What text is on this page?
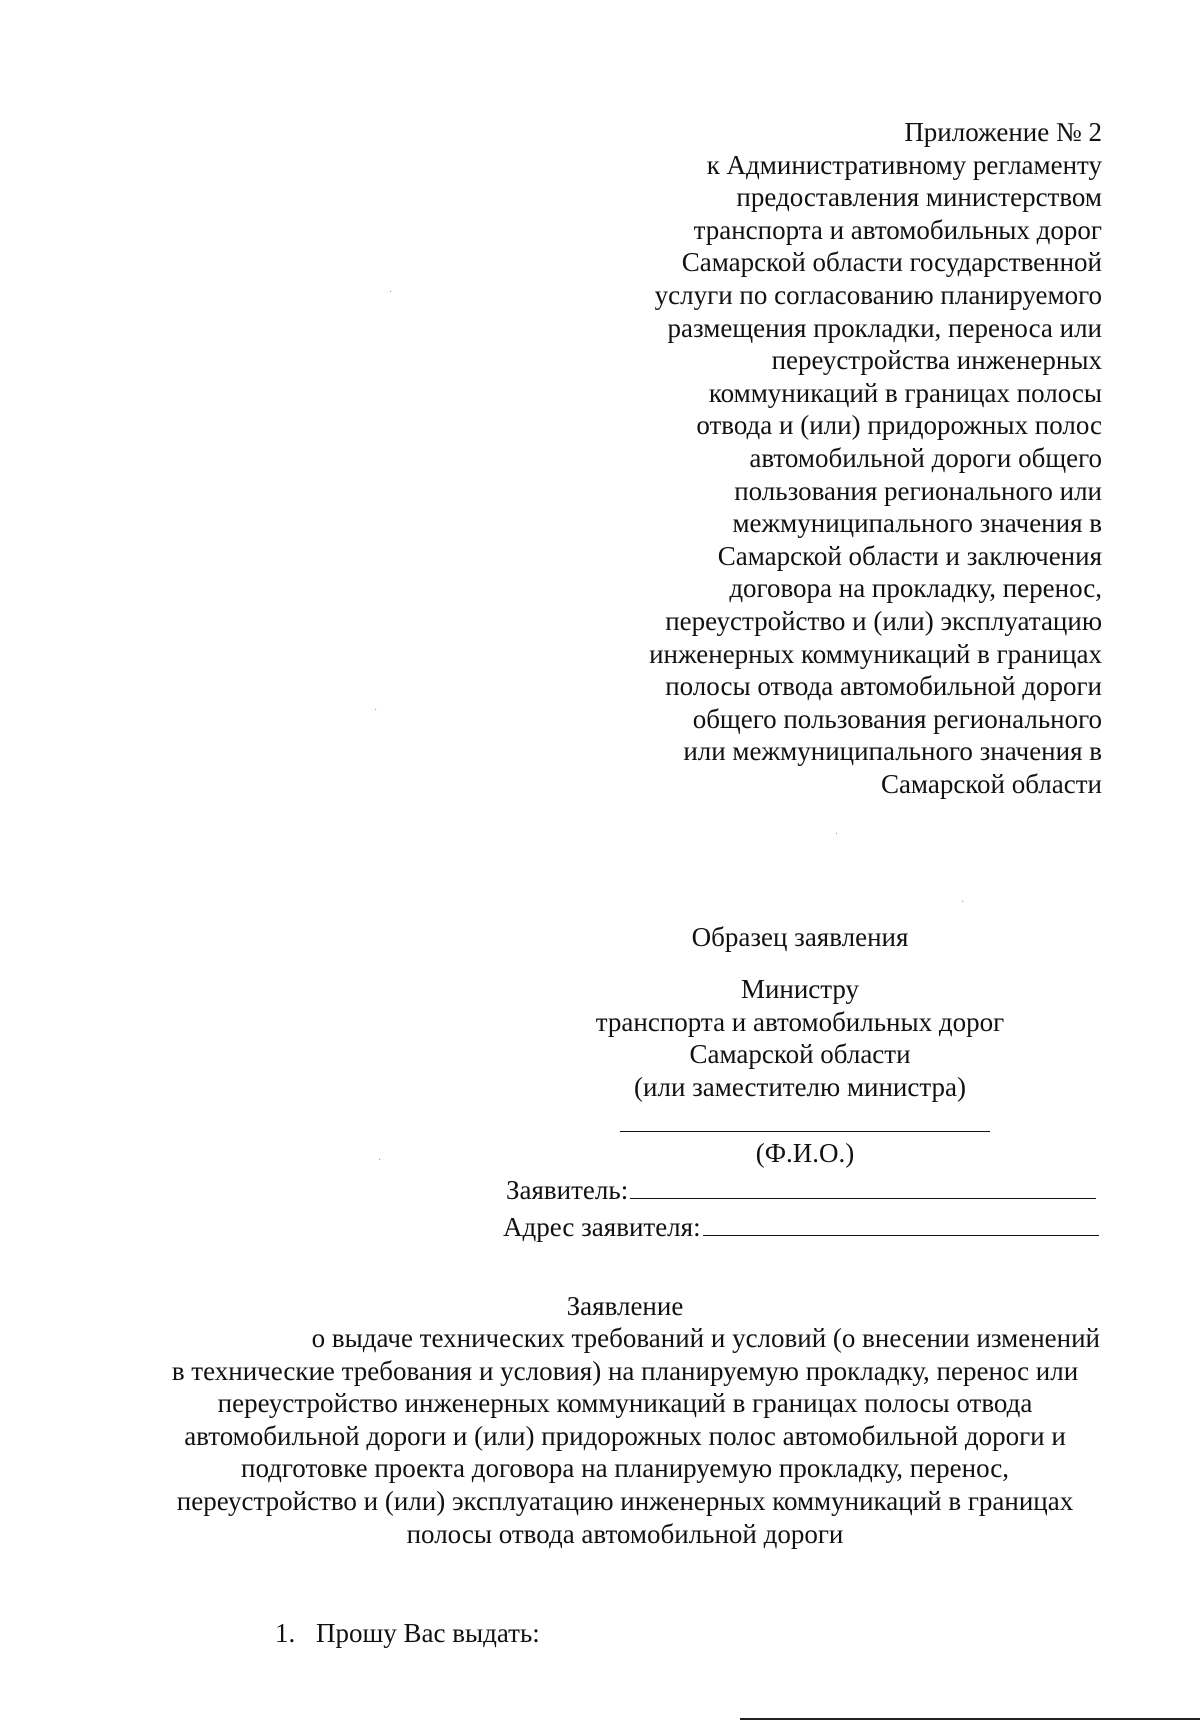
Приложение № 2
к Административному регламенту
предоставления министерством
транспорта и автомобильных дорог
Самарской области государственной
услуги по согласованию планируемого
размещения прокладки, переноса или
переустройства инженерных
коммуникаций в границах полосы
отвода и (или) придорожных полос
автомобильной дороги общего
пользования регионального или
межмуниципального значения в
Самарской области и заключения
договора на прокладку, перенос,
переустройство и (или) эксплуатацию
инженерных коммуникаций в границах
полосы отвода автомобильной дороги
общего пользования регионального
или межмуниципального значения в
Самарской области
Образец заявления
Министру
транспорта и автомобильных дорог
Самарской области
(или заместителю министра)
(Ф.И.О.)
Заявитель:
Адрес заявителя:
Заявление
о выдаче технических требований и условий (о внесении изменений
в технические требования и условия) на планируемую прокладку, перенос или
переустройство инженерных коммуникаций в границах полосы отвода
автомобильной дороги и (или) придорожных полос автомобильной дороги и
подготовке проекта договора на планируемую прокладку, перенос,
переустройство и (или) эксплуатацию инженерных коммуникаций в границах
полосы отвода автомобильной дороги
1. Прошу Вас выдать:
·
·
·
·
·
